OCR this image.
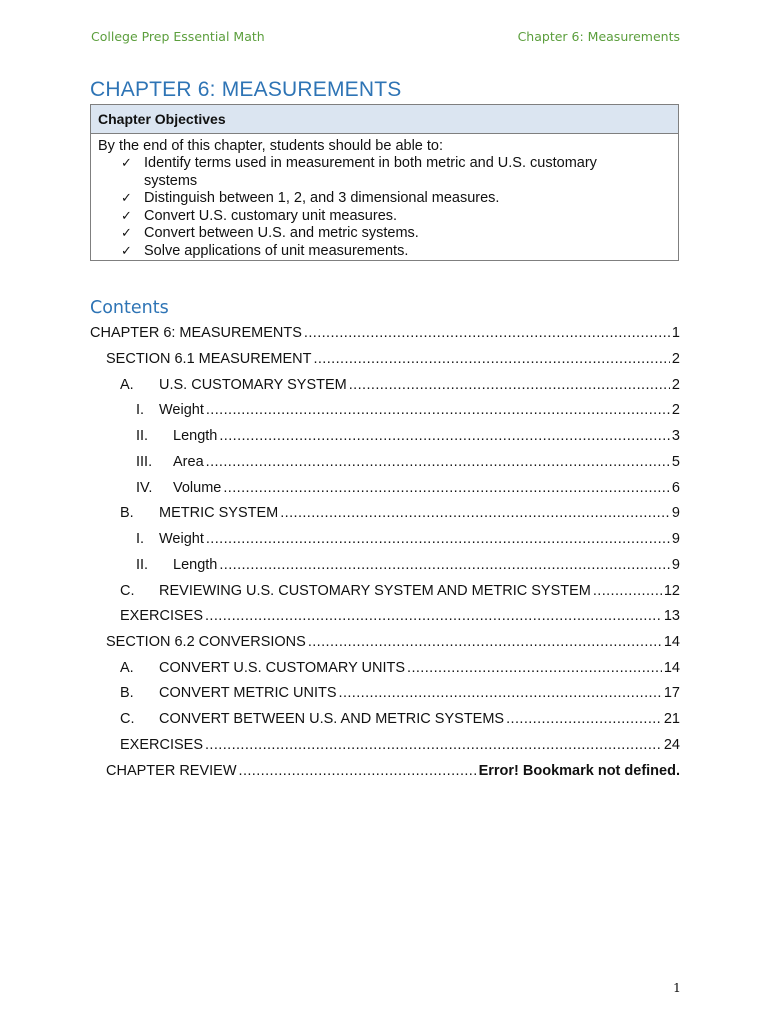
College Prep Essential Math	Chapter 6: Measurements
CHAPTER 6: MEASUREMENTS
Chapter Objectives
By the end of this chapter, students should be able to:
✓ Identify terms used in measurement in both metric and U.S. customary systems
✓ Distinguish between 1, 2, and 3 dimensional measures.
✓ Convert U.S. customary unit measures.
✓ Convert between U.S. and metric systems.
✓ Solve applications of unit measurements.
Contents
CHAPTER 6: MEASUREMENTS .....	1
SECTION 6.1 MEASUREMENT .....	2
A.	U.S. CUSTOMARY SYSTEM .....	2
I.	Weight .....	2
II.	Length .....	3
III.	Area .....	5
IV.	Volume .....	6
B.	METRIC SYSTEM .....	9
I.	Weight .....	9
II.	Length .....	9
C.	REVIEWING U.S. CUSTOMARY SYSTEM AND METRIC SYSTEM .....	12
EXERCISES .....	13
SECTION 6.2 CONVERSIONS .....	14
A.	CONVERT U.S. CUSTOMARY UNITS .....	14
B.	CONVERT METRIC UNITS .....	17
C.	CONVERT BETWEEN U.S. AND METRIC SYSTEMS .....	21
EXERCISES .....	24
CHAPTER REVIEW .....	Error! Bookmark not defined.
1
